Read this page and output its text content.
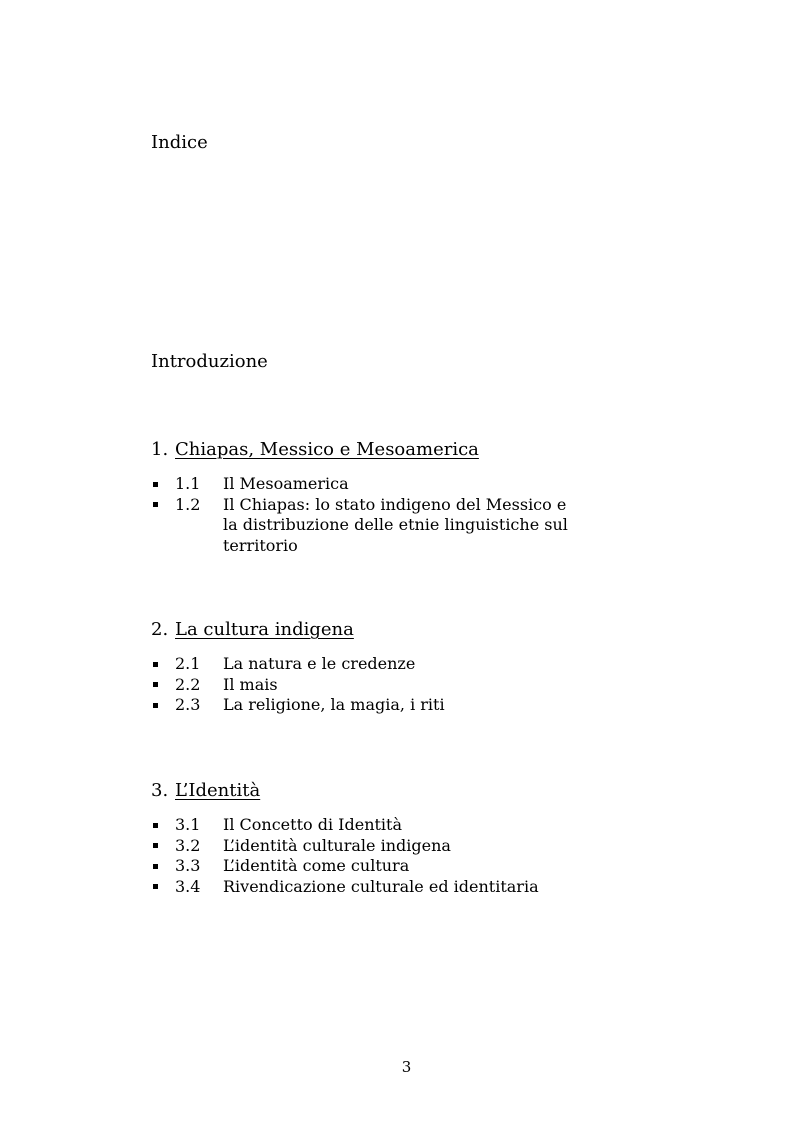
Indice
Introduzione
1. Chiapas, Messico e Mesoamerica
1.1 Il Mesoamerica
1.2 Il Chiapas: lo stato indigeno del Messico e
la distribuzione delle etnie linguistiche sul
territorio
2. La cultura indigena
2.1 La natura e le credenze
2.2 Il mais
2.3 La religione, la magia, i riti
3. L’Identità
3.1 Il Concetto di Identità
3.2 L’identità culturale indigena
3.3 L’identità come cultura
3.4 Rivendicazione culturale ed identitaria
3
